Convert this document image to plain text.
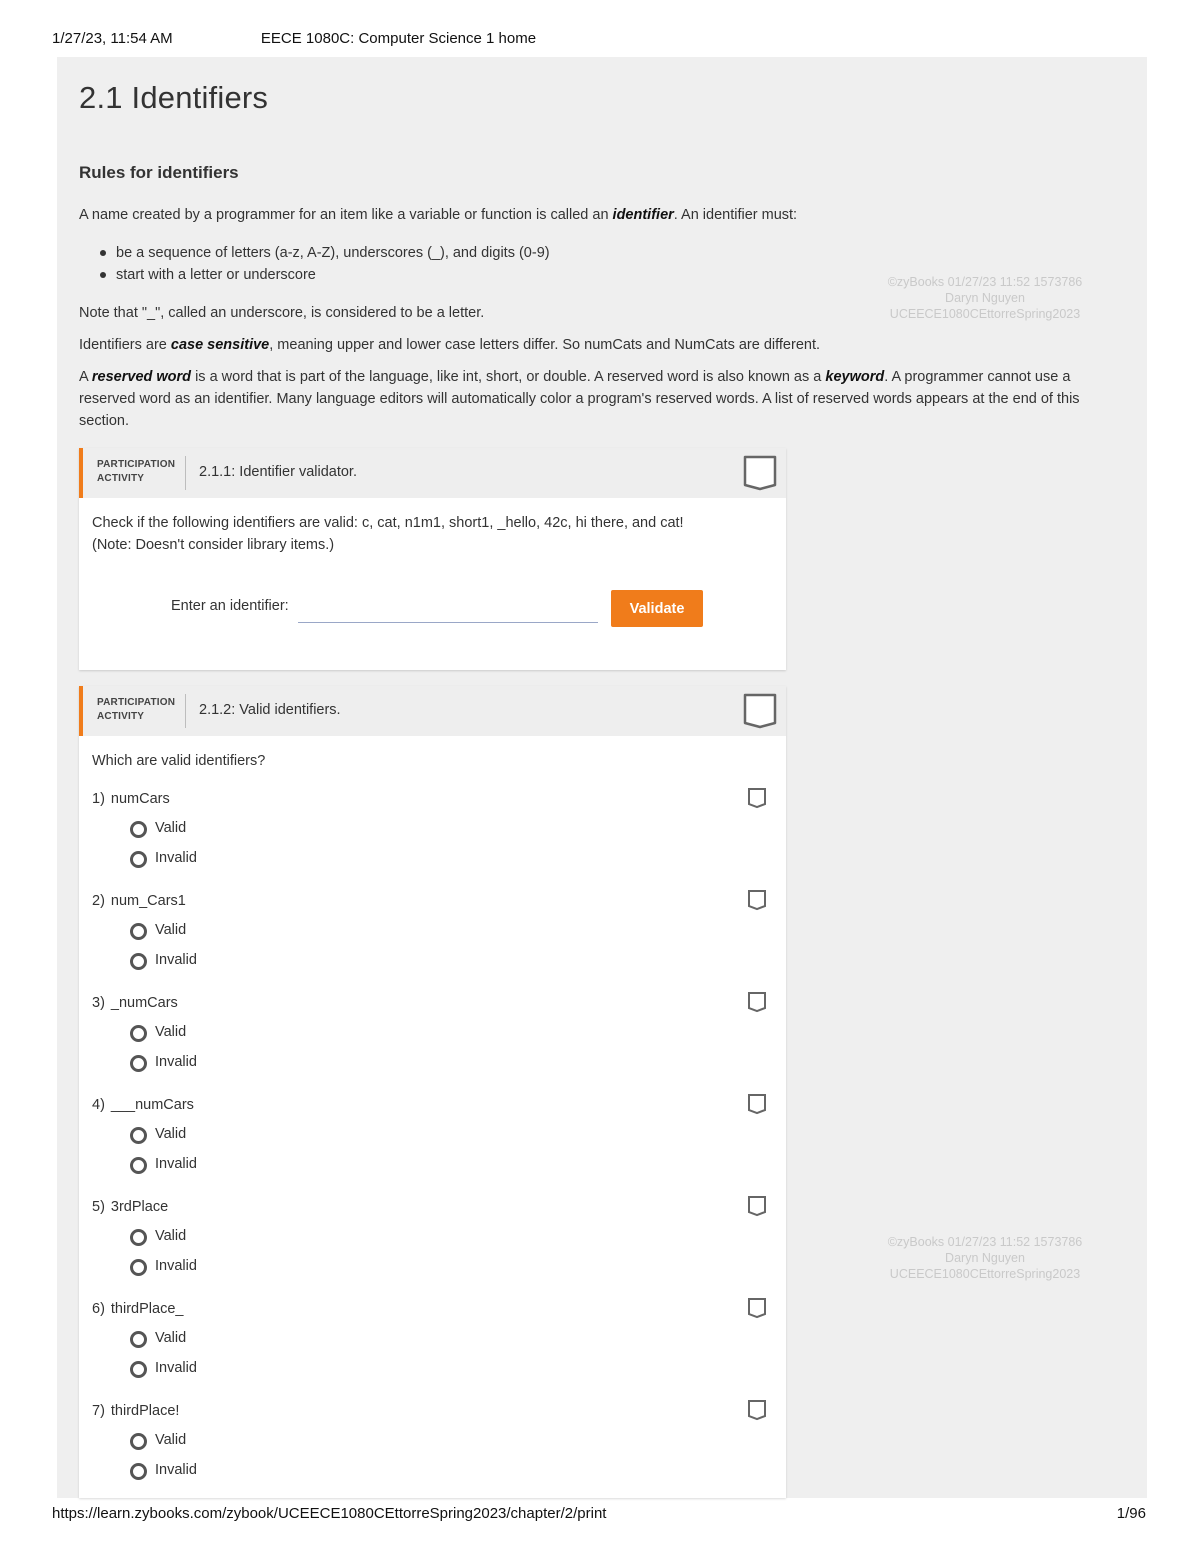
1/27/23, 11:54 AM	EECE 1080C: Computer Science 1 home
2.1 Identifiers
Rules for identifiers

A name created by a programmer for an item like a variable or function is called an identifier. An identifier must:

be a sequence of letters (a-z, A-Z), underscores (_), and digits (0-9)
start with a letter or underscore

Note that "_", called an underscore, is considered to be a letter.

Identifiers are case sensitive, meaning upper and lower case letters differ. So numCats and NumCats are different.

A reserved word is a word that is part of the language, like int, short, or double. A reserved word is also known as a keyword. A programmer cannot use a reserved word as an identifier. Many language editors will automatically color a program's reserved words. A list of reserved words appears at the end of this section.

©zyBooks 01/27/23 11:52 1573786
Daryn Nguyen
UCEECE1080CEttorreSpring2023
PARTICIPATION
ACTIVITY	2.1.1: Identifier validator.
Check if the following identifiers are valid: c, cat, n1m1, short1, _hello, 42c, hi there, and cat!
(Note: Doesn't consider library items.)
Enter an identifier:	Validate
PARTICIPATION
ACTIVITY	2.1.2: Valid identifiers.
Which are valid identifiers?
1) numCars
Valid
Invalid
2) num_Cars1
Valid
Invalid
3) _numCars
Valid
Invalid
4) ___numCars
Valid
Invalid
5) 3rdPlace
Valid
Invalid
6) thirdPlace_
Valid
Invalid
7) thirdPlace!
Valid
Invalid
©zyBooks 01/27/23 11:52 1573786
Daryn Nguyen
UCEECE1080CEttorreSpring2023
https://learn.zybooks.com/zybook/UCEECE1080CEttorreSpring2023/chapter/2/print	1/96
